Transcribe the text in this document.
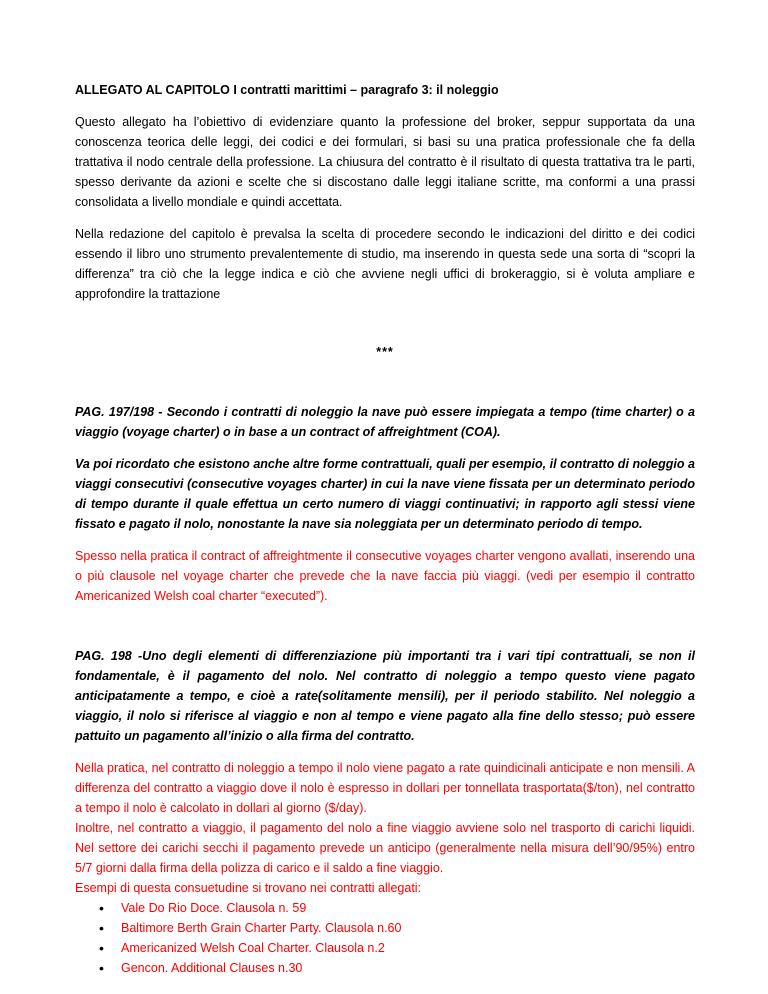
ALLEGATO AL CAPITOLO I contratti marittimi – paragrafo 3: il noleggio

Questo allegato ha l’obiettivo di evidenziare quanto la professione del broker, seppur supportata da una conoscenza teorica delle leggi, dei codici e dei formulari, si basi su una pratica professionale che fa della trattativa il nodo centrale della professione. La chiusura del contratto è il risultato di questa trattativa tra le parti, spesso derivante da azioni e scelte che si discostano dalle leggi italiane scritte, ma conformi a una prassi consolidata a livello mondiale e quindi accettata.

Nella redazione del capitolo è prevalsa la scelta di procedere secondo le indicazioni del diritto e dei codici essendo il libro uno strumento prevalentemente di studio, ma inserendo in questa sede una sorta di “scopri la differenza” tra ciò che la legge indica e ciò che avviene negli uffici di brokeraggio, si è voluta ampliare e approfondire la trattazione

***

PAG. 197/198 - Secondo i contratti di noleggio la nave può essere impiegata a tempo (time charter) o a viaggio (voyage charter) o in base a un contract of affreightment (COA).

Va poi ricordato che esistono anche altre forme contrattuali, quali per esempio, il contratto di noleggio a viaggi consecutivi (consecutive voyages charter) in cui la nave viene fissata per un determinato periodo di tempo durante il quale effettua un certo numero di viaggi continuativi; in rapporto agli stessi viene fissato e pagato il nolo, nonostante la nave sia noleggiata per un determinato periodo di tempo.

Spesso nella pratica il contract of affreightmente il consecutive voyages charter vengono avallati, inserendo una o più clausole nel voyage charter che prevede che la nave faccia più viaggi. (vedi per esempio il contratto Americanized Welsh coal charter “executed”).

PAG. 198 -Uno degli elementi di differenziazione più importanti tra i vari tipi contrattuali, se non il fondamentale, è il pagamento del nolo. Nel contratto di noleggio a tempo questo viene pagato anticipatamente a tempo, e cioè a rate(solitamente mensili), per il periodo stabilito. Nel noleggio a viaggio, il nolo si riferisce al viaggio e non al tempo e viene pagato alla fine dello stesso; può essere pattuito un pagamento all’inizio o alla firma del contratto.

Nella pratica, nel contratto di noleggio a tempo il nolo viene pagato a rate quindicinali anticipate e non mensili. A differenza del contratto a viaggio dove il nolo è espresso in dollari per tonnellata trasportata($/ton), nel contratto a tempo il nolo è calcolato in dollari al giorno ($/day).

Inoltre, nel contratto a viaggio, il pagamento del nolo a fine viaggio avviene solo nel trasporto di carichi liquidi. Nel settore dei carichi secchi il pagamento prevede un anticipo (generalmente nella misura dell’90/95%) entro 5/7 giorni dalla firma della polizza di carico e il saldo a fine viaggio.

Esempi di questa consuetudine si trovano nei contratti allegati:

• Vale Do Rio Doce. Clausola n. 59
• Baltimore Berth Grain Charter Party. Clausola n.60
• Americanized Welsh Coal Charter. Clausola n.2
• Gencon. Additional Clauses n.30
